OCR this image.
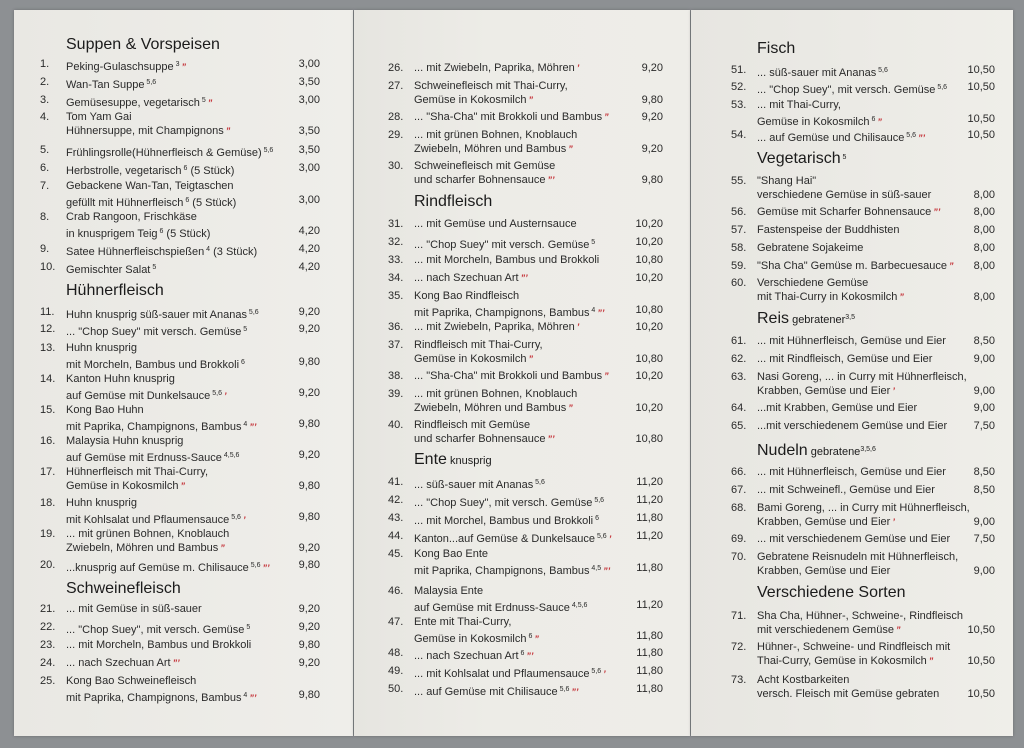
Suppen & Vorspeisen
1. Peking-Gulaschsuppe $^3$ ”	3,00
2. Wan-Tan Suppe $^{5,6}$	3,50
3. Gemüsesuppe, vegetarisch $^5$ ”	3,00
4. Tom Yam Gai
Hühnersuppe, mit Champignons ”	3,50
5. Frühlingsrolle(Hühnerfleisch & Gemüse) $^{5,6}$	3,50
6. Herbstrolle, vegetarisch $^6$ (5 Stück)	3,00
7. Gebackene Wan-Tan, Teigtaschen
gefüllt mit Hühnerfleisch $^6$ (5 Stück)	3,00
8. Crab Rangoon, Frischkäse
in knusprigem Teig $^6$ (5 Stück)	4,20
9. Satee Hühnerfleischspießen $^4$ (3 Stück)	4,20
10. Gemischter Salat $^5$	4,20
Hühnerfleisch
11. Huhn knusprig süß-sauer mit Ananas $^{5,6}$	9,20
12. ... "Chop Suey" mit versch. Gemüse $^5$	9,20
13. Huhn knusprig
mit Morcheln, Bambus und Brokkoli $^6$	9,80
14. Kanton Huhn knusprig
auf Gemüse mit Dunkelsauce $^{5,6}$ ’	9,20
15. Kong Bao Huhn
mit Paprika, Champignons, Bambus $^4$ ”’	9,80
16. Malaysia Huhn knusprig
auf Gemüse mit Erdnuss-Sauce $^{4,5,6}$	9,20
17. Hühnerfleisch mit Thai-Curry,
Gemüse in Kokosmilch ”	9,80
18. Huhn knusprig
mit Kohlsalat und Pflaumensauce $^{5,6}$ ’	9,80
19. ... mit grünen Bohnen, Knoblauch
Zwiebeln, Möhren und Bambus ”	9,20
20. ...knusprig auf Gemüse m. Chilisauce $^{5,6}$ ”’	9,80
Schweinefleisch
21. ... mit Gemüse in süß-sauer	9,20
22. ... "Chop Suey", mit versch. Gemüse $^5$	9,20
23. ... mit Morcheln, Bambus und Brokkoli	9,80
24. ... nach Szechuan Art ”’	9,20
25. Kong Bao Schweinefleisch
mit Paprika, Champignons, Bambus $^4$ ”’	9,80
26. ... mit Zwiebeln, Paprika, Möhren ’	9,20
27. Schweinefleisch mit Thai-Curry,
Gemüse in Kokosmilch ”	9,80
28. ... "Sha-Cha" mit Brokkoli und Bambus ”	9,20
29. ... mit grünen Bohnen, Knoblauch
Zwiebeln, Möhren und Bambus ”	9,20
30. Schweinefleisch mit Gemüse
und scharfer Bohnensauce ”’	9,80
Rindfleisch
31. ... mit Gemüse und Austernsauce	10,20
32. ... "Chop Suey" mit versch. Gemüse $^5$	10,20
33. ... mit Morcheln, Bambus und Brokkoli	10,80
34. ... nach Szechuan Art ”’	10,20
35. Kong Bao Rindfleisch
mit Paprika, Champignons, Bambus $^4$ ”’	10,80
36. ... mit Zwiebeln, Paprika, Möhren ’	10,20
37. Rindfleisch mit Thai-Curry,
Gemüse in Kokosmilch ”	10,80
38. ... "Sha-Cha" mit Brokkoli und Bambus ”	10,20
39. ... mit grünen Bohnen, Knoblauch
Zwiebeln, Möhren und Bambus ”	10,20
40. Rindfleisch mit Gemüse
und scharfer Bohnensauce ”’	10,80
Ente knusprig
41. ... süß-sauer mit Ananas $^{5,6}$	11,20
42. ... "Chop Suey", mit versch. Gemüse $^{5,6}$	11,20
43. ... mit Morchel, Bambus und Brokkoli $^6$	11,80
44. Kanton...auf Gemüse & Dunkelsauce $^{5,6}$ ’	11,20
45. Kong Bao Ente
mit Paprika, Champignons, Bambus $^{4,5}$ ”’	11,80
46. Malaysia Ente
auf Gemüse mit Erdnuss-Sauce $^{4,5,6}$	11,20
47. Ente mit Thai-Curry,
Gemüse in Kokosmilch $^6$ ”	11,80
48. ... nach Szechuan Art $^6$ ”’	11,80
49. ... mit Kohlsalat und Pflaumensauce $^{5,6}$ ’	11,80
50. ... auf Gemüse mit Chilisauce $^{5,6}$ ”’	11,80
Fisch
51. ... süß-sauer mit Ananas $^{5,6}$	10,50
52. ... "Chop Suey", mit versch. Gemüse $^{5,6}$	10,50
53. ... mit Thai-Curry,
Gemüse in Kokosmilch $^6$ ”	10,50
54. ... auf Gemüse und Chilisauce $^{5,6}$ ”’	10,50
Vegetarisch $^5$
55. "Shang Hai"
verschiedene Gemüse in süß-sauer	8,00
56. Gemüse mit Scharfer Bohnensauce ”’	8,00
57. Fastenspeise der Buddhisten	8,00
58. Gebratene Sojakeime	8,00
59. "Sha Cha" Gemüse m. Barbecuesauce ”	8,00
60. Verschiedene Gemüse
mit Thai-Curry in Kokosmilch ”	8,00
Reis gebratener$^{3,5}$
61. ... mit Hühnerfleisch, Gemüse und Eier	8,50
62. ... mit Rindfleisch, Gemüse und Eier	9,00
63. Nasi Goreng, ... in Curry mit Hühnerfleisch,
Krabben, Gemüse und Eier ’	9,00
64. ...mit Krabben, Gemüse und Eier	9,00
65. ...mit verschiedenem Gemüse und Eier	7,50
Nudeln gebratene$^{3,5,6}$
66. ... mit Hühnerfleisch, Gemüse und Eier	8,50
67. ... mit Schweinefl., Gemüse und Eier	8,50
68. Bami Goreng, ... in Curry mit Hühnerfleisch,
Krabben, Gemüse und Eier ’	9,00
69. ... mit verschiedenem Gemüse und Eier	7,50
70. Gebratene Reisnudeln mit Hühnerfleisch,
Krabben, Gemüse und Eier	9,00
Verschiedene Sorten
71. Sha Cha, Hühner-, Schweine-, Rindfleisch
mit verschiedenem Gemüse ”	10,50
72. Hühner-, Schweine- und Rindfleisch mit
Thai-Curry, Gemüse in Kokosmilch ”	10,50
73. Acht Kostbarkeiten
versch. Fleisch mit Gemüse gebraten	10,50
